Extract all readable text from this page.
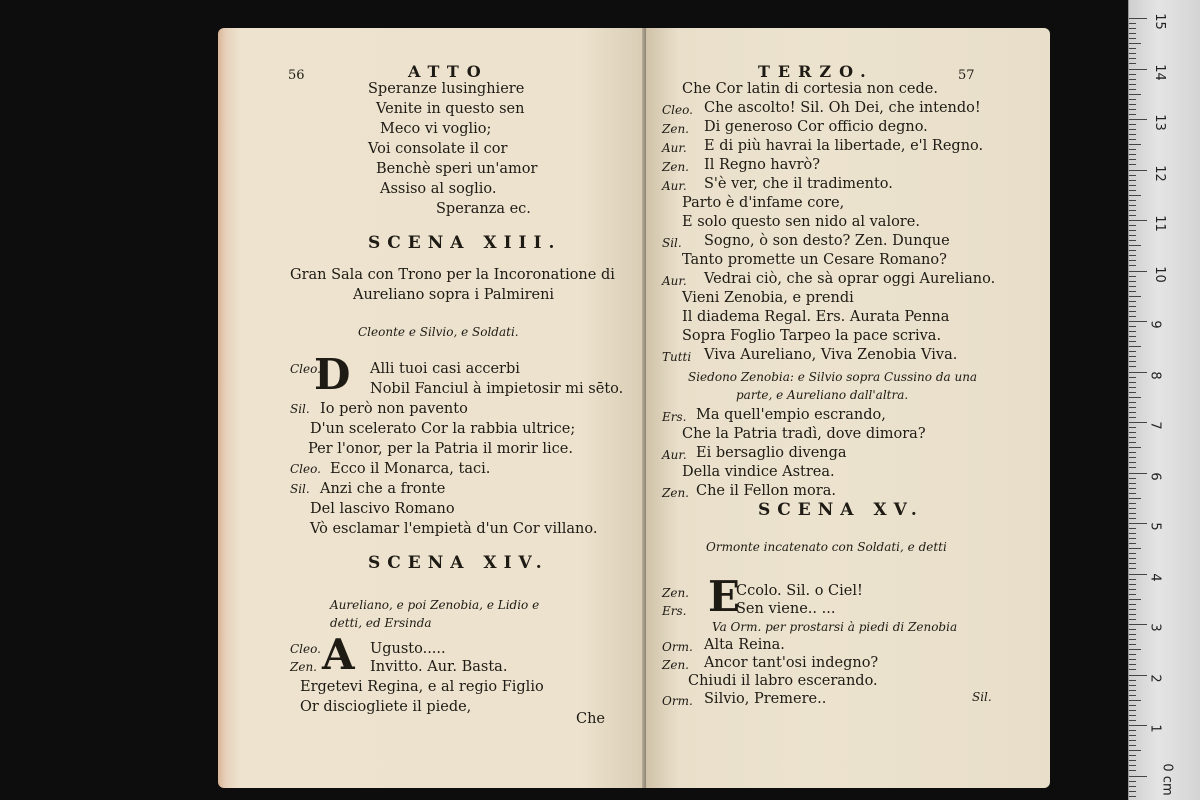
56	ATTO
Speranze lusinghiere
Venite in questo sen
Meco vi voglio;
Voi consolate il cor
Benchè speri un'amor
Assiso al soglio.
Speranza ec.
SCENA XIII.
Gran Sala con Trono per la Incoronatione di
Aureliano sopra i Palmireni
Cleonte e Silvio, e Soldati.
D
Cleo.	Alli tuoi casi accerbi
Nobil Fanciul à impietosir mi sēto.
Sil. Io però non pavento
D'un scelerato Cor la rabbia ultrice;
Per l'onor, per la Patria il morir lice.
Cleo. Ecco il Monarca, taci.
Sil. Anzi che a fronte
Del lascivo Romano
Vò esclamar l'empietà d'un Cor villano.
SCENA XIV.
Aureliano, e poi Zenobia, e Lidio e
detti, ed Ersinda
A
Cleo.	Ugusto.....
Zen.	Invitto. Aur. Basta.
Ergetevi Regina, e al regio Figlio
Or disciogliete il piede,
Che
TERZO.	57
Che Cor latin di cortesia non cede.
Cleo. Che ascolto! Sil. Oh Dei, che intendo!
Zen. Di generoso Cor officio degno.
Aur. E di più havrai la libertade, e'l Regno.
Zen. Il Regno havrò?
Aur. S'è ver, che il tradimento.
Parto è d'infame core,
E solo questo sen nido al valore.
Sil. Sogno, ò son desto? Zen. Dunque
Tanto promette un Cesare Romano?
Aur. Vedrai ciò, che sà oprar oggi Aureliano.
Vieni Zenobia, e prendi
Il diadema Regal. Ers. Aurata Penna
Sopra Foglio Tarpeo la pace scriva.
Tutti Viva Aureliano, Viva Zenobia Viva.
Siedono Zenobia: e Silvio sopra Cussino da una
parte, e Aureliano dall'altra.
Ers. Ma quell'empio escrando,
Che la Patria tradì, dove dimora?
Aur. Ei bersaglio divenga
Della vindice Astrea.
Zen. Che il Fellon mora.
SCENA XV.
Ormonte incatenato con Soldati, e detti
E
Zen.	Ccolo. Sil. o Ciel!
Ers.	Sen viene.. ...
Va Orm. per prostarsi à piedi di Zenobia
Orm. Alta Reina.
Zen. Ancor tant'osi indegno?
Chiudi il labro escerando.
Orm. Silvio, Premere..	Sil.
15
14
13
12
11
10
9
8
7
6
5
4
3
2
1
0 cm
